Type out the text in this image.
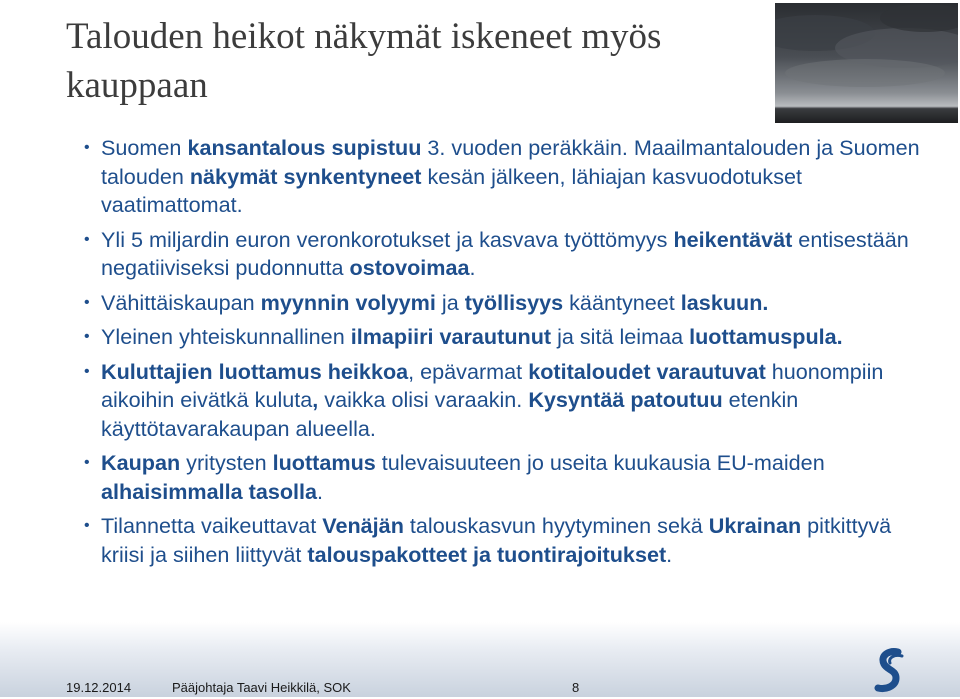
Talouden heikot näkymät iskeneet myös kauppaan
• Suomen kansantalous supistuu 3. vuoden peräkkäin. Maailmantalouden ja Suomen talouden näkymät synkentyneet kesän jälkeen, lähiajan kasvuodotukset vaatimattomat.
• Yli 5 miljardin euron veronkorotukset ja kasvava työttömyys heikentävät entisestään negatiiviseksi pudonnutta ostovoimaa.
• Vähittäiskaupan myynnin volyymi ja työllisyys kääntyneet laskuun.
• Yleinen yhteiskunnallinen ilmapiiri varautunut ja sitä leimaa luottamuspula.
• Kuluttajien luottamus heikkoa, epävarmat kotitaloudet varautuvat huonompiin aikoihin eivätkä kuluta, vaikka olisi varaakin. Kysyntää patoutuu etenkin käyttötavarakaupan alueella.
• Kaupan yritysten luottamus tulevaisuuteen jo useita kuukausia EU-maiden alhaisimmalla tasolla.
• Tilannetta vaikeuttavat Venäjän talouskasvun hyytyminen sekä Ukrainan pitkittyvä kriisi ja siihen liittyvät talouspakotteet ja tuontirajoitukset.
19.12.2014	Pääjohtaja Taavi Heikkilä, SOK	8
